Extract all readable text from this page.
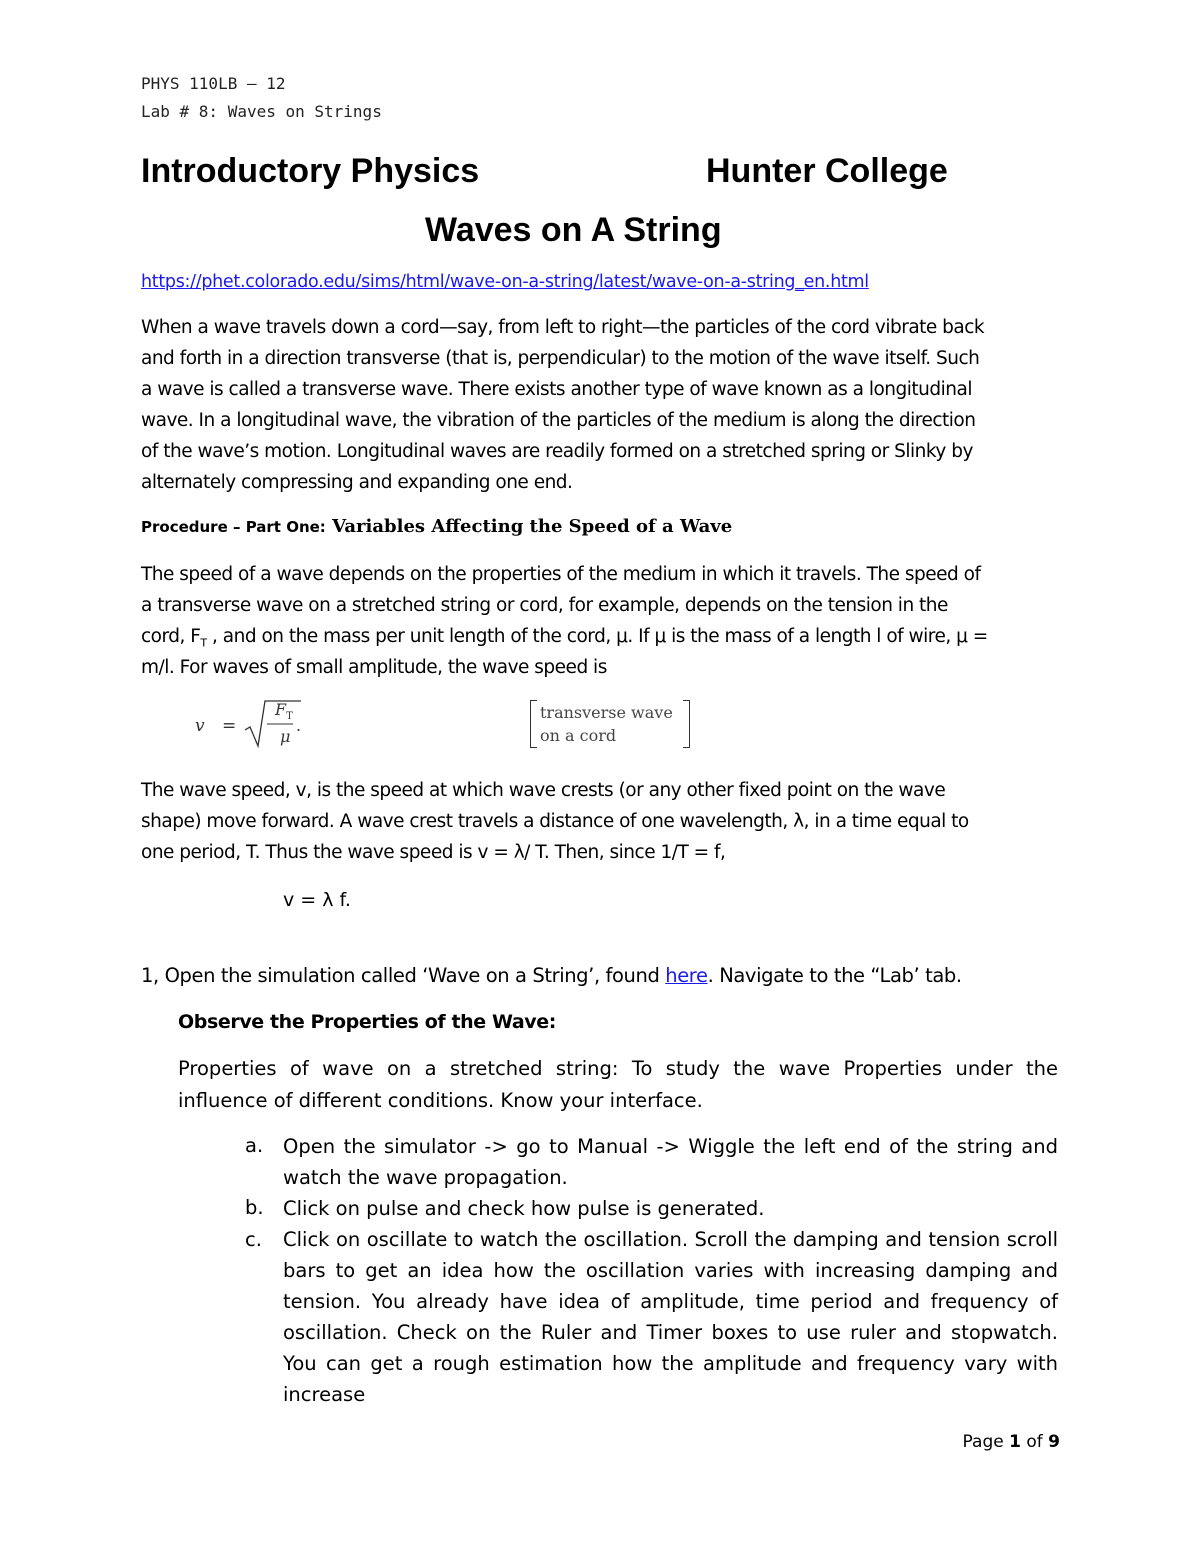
PHYS 110LB – 12
Lab # 8: Waves on Strings
Introductory Physics	Hunter College
Waves on A String
https://phet.colorado.edu/sims/html/wave-on-a-string/latest/wave-on-a-string_en.html
When a wave travels down a cord—say, from left to right—the particles of the cord vibrate back
and forth in a direction transverse (that is, perpendicular) to the motion of the wave itself. Such
a wave is called a transverse wave. There exists another type of wave known as a longitudinal
wave. In a longitudinal wave, the vibration of the particles of the medium is along the direction
of the wave’s motion. Longitudinal waves are readily formed on a stretched spring or Slinky by
alternately compressing and expanding one end.
Procedure – Part One: Variables Affecting the Speed of a Wave
The speed of a wave depends on the properties of the medium in which it travels. The speed of
a transverse wave on a stretched string or cord, for example, depends on the tension in the
cord, $F_T$ , and on the mass per unit length of the cord, μ. If μ is the mass of a length l of wire, μ =
m/l. For waves of small amplitude, the wave speed is
v =
$F_T$
μ
.
transverse wave
on a cord
The wave speed, v, is the speed at which wave crests (or any other fixed point on the wave
shape) move forward. A wave crest travels a distance of one wavelength, λ, in a time equal to
one period, T. Thus the wave speed is v = λ/ T. Then, since 1/T = f,
v = λ f.
1, Open the simulation called ‘Wave on a String’, found here. Navigate to the “Lab’ tab.
Observe the Properties of the Wave:
Properties of wave on a stretched string: To study the wave Properties under the influence of different conditions. Know your interface.
a. Open the simulator -> go to Manual -> Wiggle the left end of the string and watch the wave propagation.
b. Click on pulse and check how pulse is generated.
c. Click on oscillate to watch the oscillation. Scroll the damping and tension scroll bars to get an idea how the oscillation varies with increasing damping and tension. You already have idea of amplitude, time period and frequency of oscillation. Check on the Ruler and Timer boxes to use ruler and stopwatch. You can get a rough estimation how the amplitude and frequency vary with increase
Page 1 of 9
